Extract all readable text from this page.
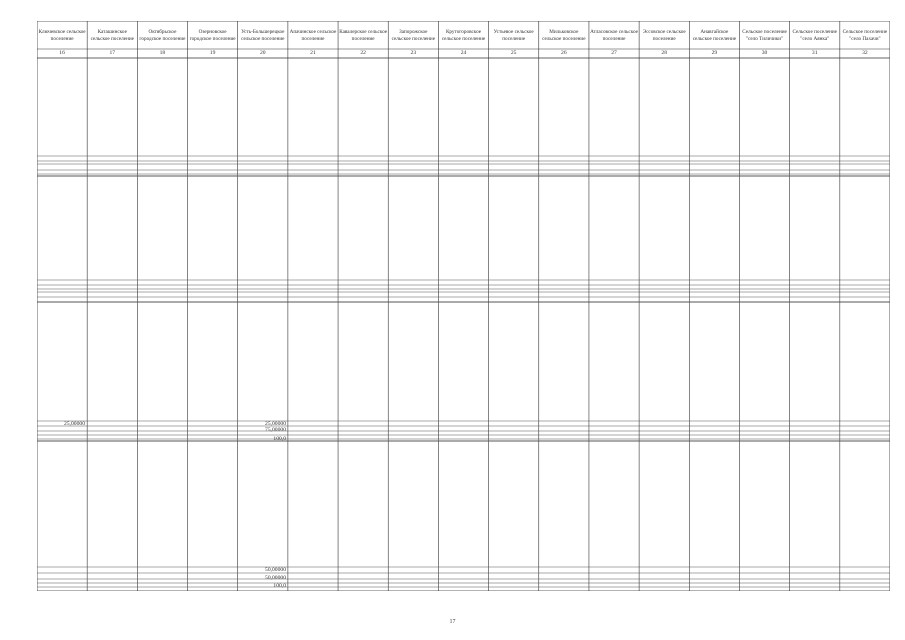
Ключевское сельское поселение
16
Каташинское сельское поселение
17
Октябрьское городское поселение
18
Озерновское городское поселение
19
Усть-Большерецкое сельское поселение
20
Апачинское сельское поселение
21
Кавалерское сельское поселение
22
Запорожское сельское поселение
23
Крутогоровское сельское поселение
24
Устьевое сельское поселение
25
Мильковское сельское поселение
26
Атласовское сельское поселение
27
Эссовское сельское поселение
28
Анавгайское сельское поселение
29
Сельское поселение "село Тиличики"
30
Сельское поселение "село Аянка"
31
Сельское поселение "село Пахачи"
32
25,00000	25,00000
75,00000
100,0
50,00000
50,00000
100,0
17
